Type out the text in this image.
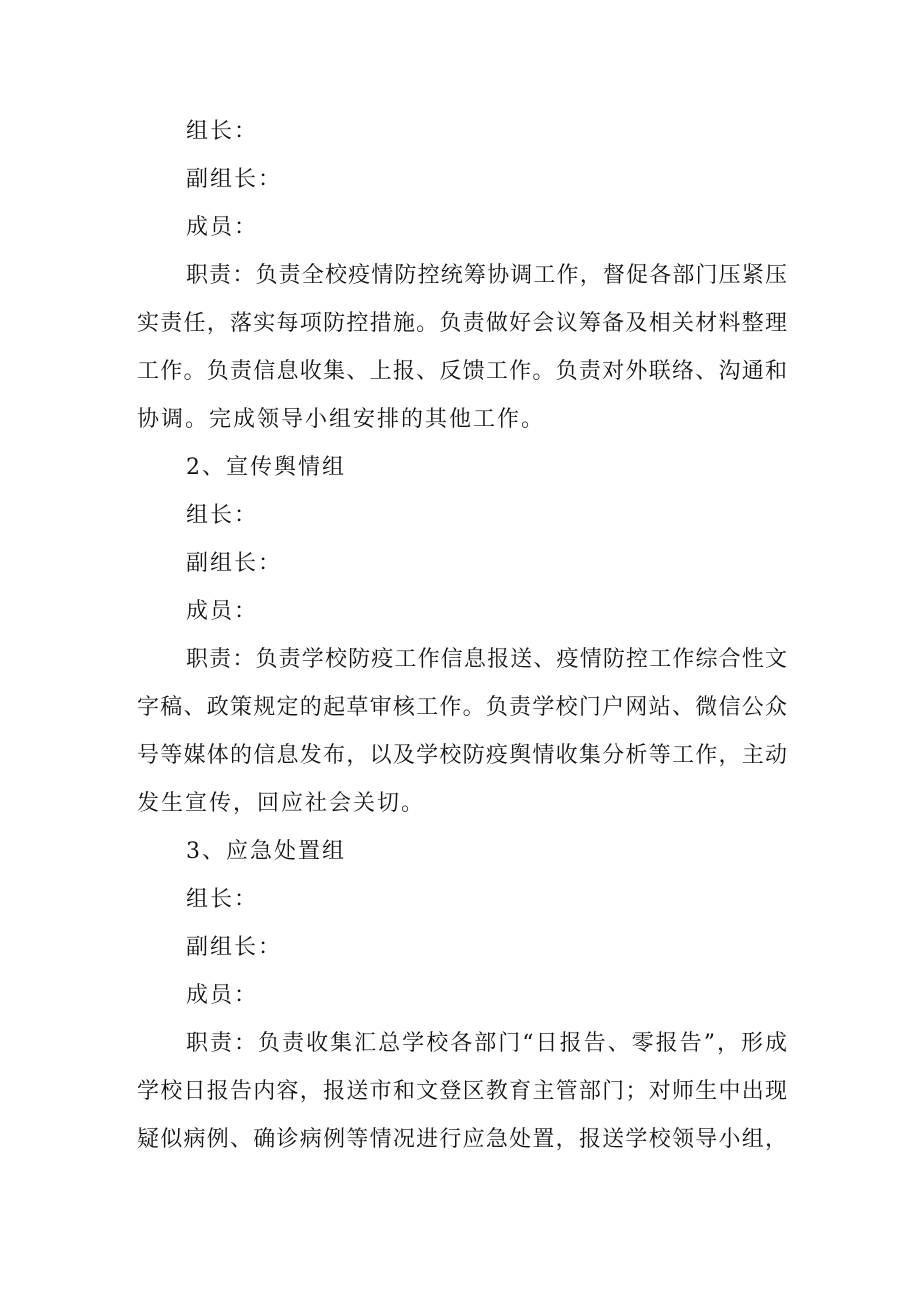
组长：
副组长：
成员：
职责：负责全校疫情防控统筹协调工作，督促各部门压紧压
实责任，落实每项防控措施。负责做好会议筹备及相关材料整理
工作。负责信息收集、上报、反馈工作。负责对外联络、沟通和
协调。完成领导小组安排的其他工作。
2、宣传舆情组
组长：
副组长：
成员：
职责：负责学校防疫工作信息报送、疫情防控工作综合性文
字稿、政策规定的起草审核工作。负责学校门户网站、微信公众
号等媒体的信息发布，以及学校防疫舆情收集分析等工作，主动
发生宣传，回应社会关切。
3、应急处置组
组长：
副组长：
成员：
职责：负责收集汇总学校各部门“日报告、零报告”，形成
学校日报告内容，报送市和文登区教育主管部门；对师生中出现
疑似病例、确诊病例等情况进行应急处置，报送学校领导小组，
